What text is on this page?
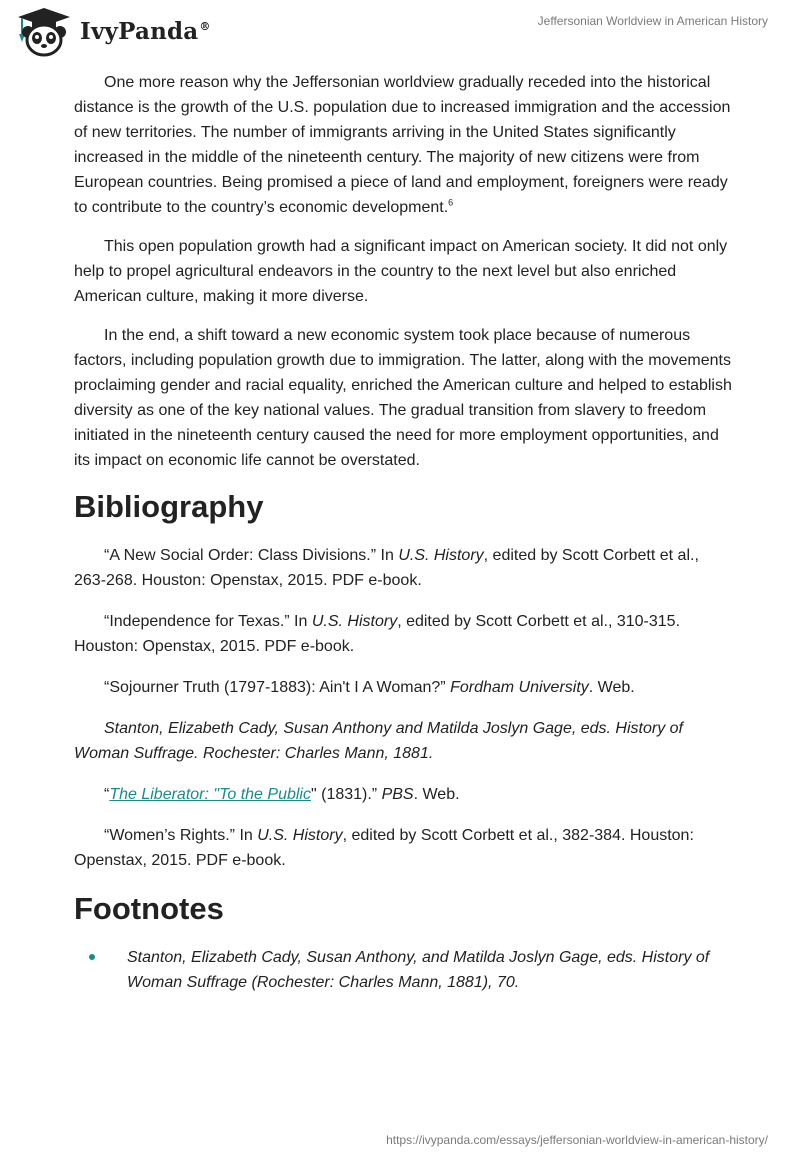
IvyPanda®	Jeffersonian Worldview in American History

One more reason why the Jeffersonian worldview gradually receded into the historical distance is the growth of the U.S. population due to increased immigration and the accession of new territories. The number of immigrants arriving in the United States significantly increased in the middle of the nineteenth century. The majority of new citizens were from European countries. Being promised a piece of land and employment, foreigners were ready to contribute to the country’s economic development.$^6$

This open population growth had a significant impact on American society. It did not only help to propel agricultural endeavors in the country to the next level but also enriched American culture, making it more diverse.

In the end, a shift toward a new economic system took place because of numerous factors, including population growth due to immigration. The latter, along with the movements proclaiming gender and racial equality, enriched the American culture and helped to establish diversity as one of the key national values. The gradual transition from slavery to freedom initiated in the nineteenth century caused the need for more employment opportunities, and its impact on economic life cannot be overstated.

Bibliography

“A New Social Order: Class Divisions.” In U.S. History, edited by Scott Corbett et al., 263-268. Houston: Openstax, 2015. PDF e-book.

“Independence for Texas.” In U.S. History, edited by Scott Corbett et al., 310-315. Houston: Openstax, 2015. PDF e-book.

“Sojourner Truth (1797-1883): Ain't I A Woman?” Fordham University. Web.

Stanton, Elizabeth Cady, Susan Anthony and Matilda Joslyn Gage, eds. History of Woman Suffrage. Rochester: Charles Mann, 1881.

“The Liberator: "To the Public" (1831).” PBS. Web.

“Women’s Rights.” In U.S. History, edited by Scott Corbett et al., 382-384. Houston: Openstax, 2015. PDF e-book.

Footnotes
Stanton, Elizabeth Cady, Susan Anthony, and Matilda Joslyn Gage, eds. History of Woman Suffrage (Rochester: Charles Mann, 1881), 70.
https://ivypanda.com/essays/jeffersonian-worldview-in-american-history/
